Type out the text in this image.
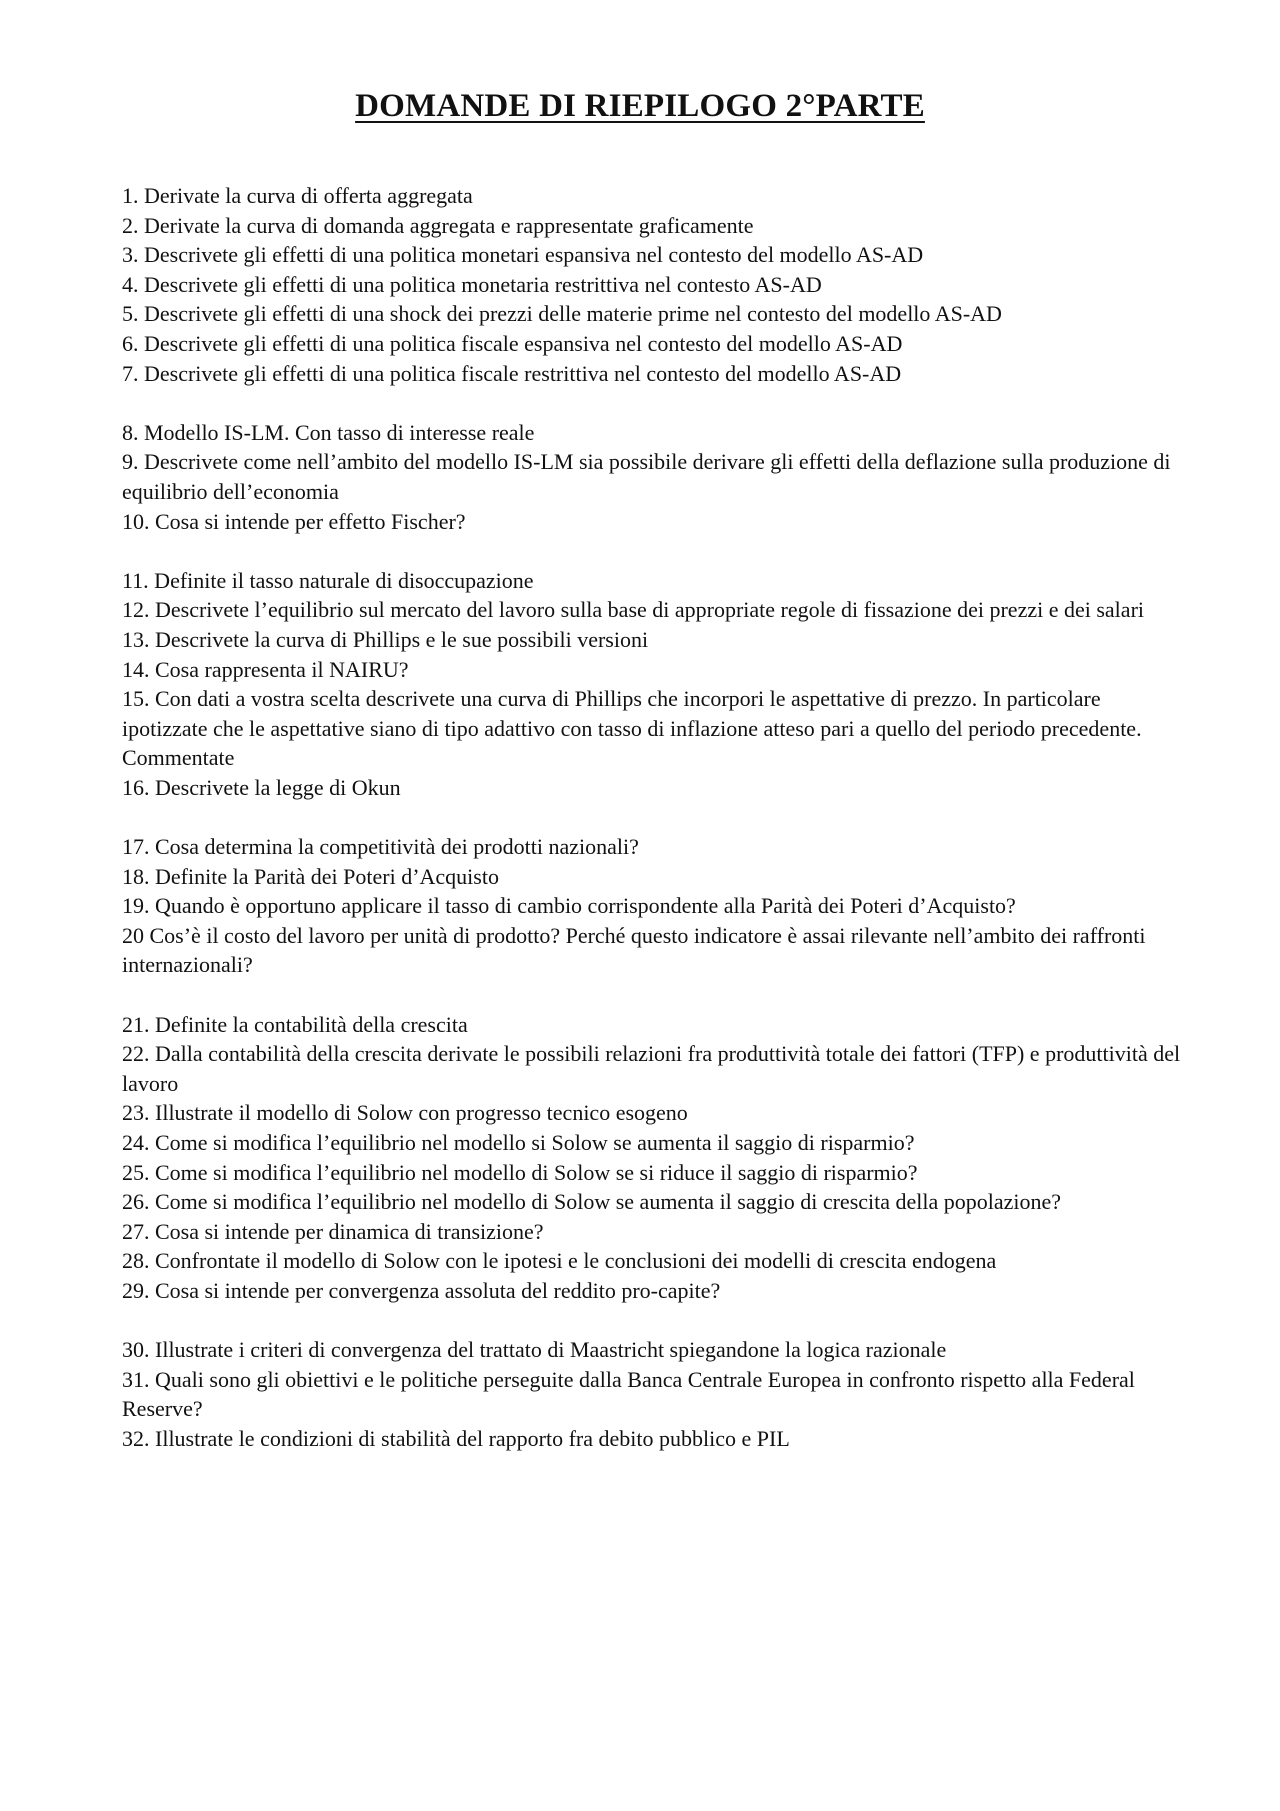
DOMANDE DI RIEPILOGO 2°PARTE

1. Derivate la curva di offerta aggregata

2. Derivate la curva di domanda aggregata e rappresentate graficamente

3. Descrivete gli effetti di una politica monetari espansiva nel contesto del modello AS-AD

4. Descrivete gli effetti di una politica monetaria restrittiva nel contesto AS-AD

5. Descrivete gli effetti di una shock dei prezzi delle materie prime nel contesto del modello AS-AD

6. Descrivete gli effetti di una politica fiscale espansiva nel contesto del modello AS-AD

7. Descrivete gli effetti di una politica fiscale restrittiva nel contesto del modello AS-AD

8. Modello IS-LM. Con tasso di interesse reale

9. Descrivete come nell’ambito del modello IS-LM sia possibile derivare gli effetti della deflazione sulla produzione di equilibrio dell’economia

10. Cosa si intende per effetto Fischer?

11. Definite il tasso naturale di disoccupazione

12. Descrivete l’equilibrio sul mercato del lavoro sulla base di appropriate regole di fissazione dei prezzi e dei salari

13. Descrivete la curva di Phillips e le sue possibili versioni

14. Cosa rappresenta il NAIRU?

15. Con dati a vostra scelta descrivete una curva di Phillips che incorpori le aspettative di prezzo. In particolare ipotizzate che le aspettative siano di tipo adattivo con tasso di inflazione atteso pari a quello del periodo precedente. Commentate

16. Descrivete la legge di Okun

17. Cosa determina la competitività dei prodotti nazionali?

18. Definite la Parità dei Poteri d’Acquisto

19. Quando è opportuno applicare il tasso di cambio corrispondente alla Parità dei Poteri d’Acquisto?

20 Cos’è il costo del lavoro per unità di prodotto? Perché questo indicatore è assai rilevante nell’ambito dei raffronti internazionali?

21. Definite la contabilità della crescita

22. Dalla contabilità della crescita derivate le possibili relazioni fra produttività totale dei fattori (TFP) e produttività del lavoro

23. Illustrate il modello di Solow con progresso tecnico esogeno

24. Come si modifica l’equilibrio nel modello si Solow se aumenta il saggio di risparmio?

25. Come si modifica l’equilibrio nel modello di Solow se si riduce il saggio di risparmio?

26. Come si modifica l’equilibrio nel modello di Solow se aumenta il saggio di crescita della popolazione?

27. Cosa si intende per dinamica di transizione?

28. Confrontate il modello di Solow con le ipotesi e le conclusioni dei modelli di crescita endogena

29. Cosa si intende per convergenza assoluta del reddito pro-capite?

30. Illustrate i criteri di convergenza del trattato di Maastricht spiegandone la logica razionale

31. Quali sono gli obiettivi e le politiche perseguite dalla Banca Centrale Europea in confronto rispetto alla Federal Reserve?

32. Illustrate le condizioni di stabilità del rapporto fra debito pubblico e PIL
